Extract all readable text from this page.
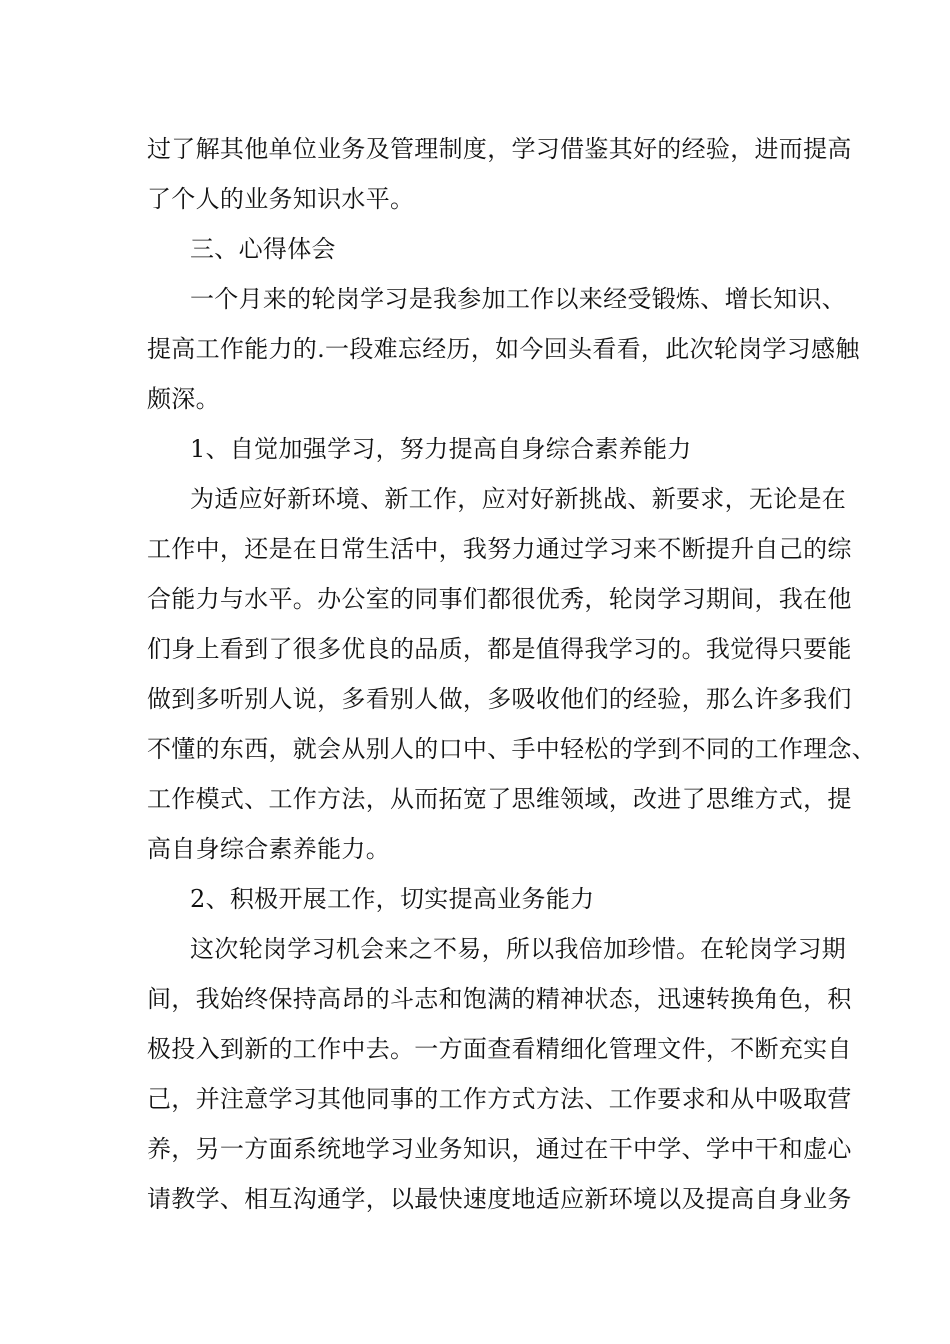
过了解其他单位业务及管理制度，学习借鉴其好的经验，进而提高
了个人的业务知识水平。
三、心得体会
一个月来的轮岗学习是我参加工作以来经受锻炼、增长知识、
提高工作能力的.一段难忘经历，如今回头看看，此次轮岗学习感触
颇深。
1、自觉加强学习，努力提高自身综合素养能力
为适应好新环境、新工作，应对好新挑战、新要求，无论是在
工作中，还是在日常生活中，我努力通过学习来不断提升自己的综
合能力与水平。办公室的同事们都很优秀，轮岗学习期间，我在他
们身上看到了很多优良的品质，都是值得我学习的。我觉得只要能
做到多听别人说，多看别人做，多吸收他们的经验，那么许多我们
不懂的东西，就会从别人的口中、手中轻松的学到不同的工作理念、
工作模式、工作方法，从而拓宽了思维领域，改进了思维方式，提
高自身综合素养能力。
2、积极开展工作，切实提高业务能力
这次轮岗学习机会来之不易，所以我倍加珍惜。在轮岗学习期
间，我始终保持高昂的斗志和饱满的精神状态，迅速转换角色，积
极投入到新的工作中去。一方面查看精细化管理文件，不断充实自
己，并注意学习其他同事的工作方式方法、工作要求和从中吸取营
养，另一方面系统地学习业务知识，通过在干中学、学中干和虚心
请教学、相互沟通学，以最快速度地适应新环境以及提高自身业务
